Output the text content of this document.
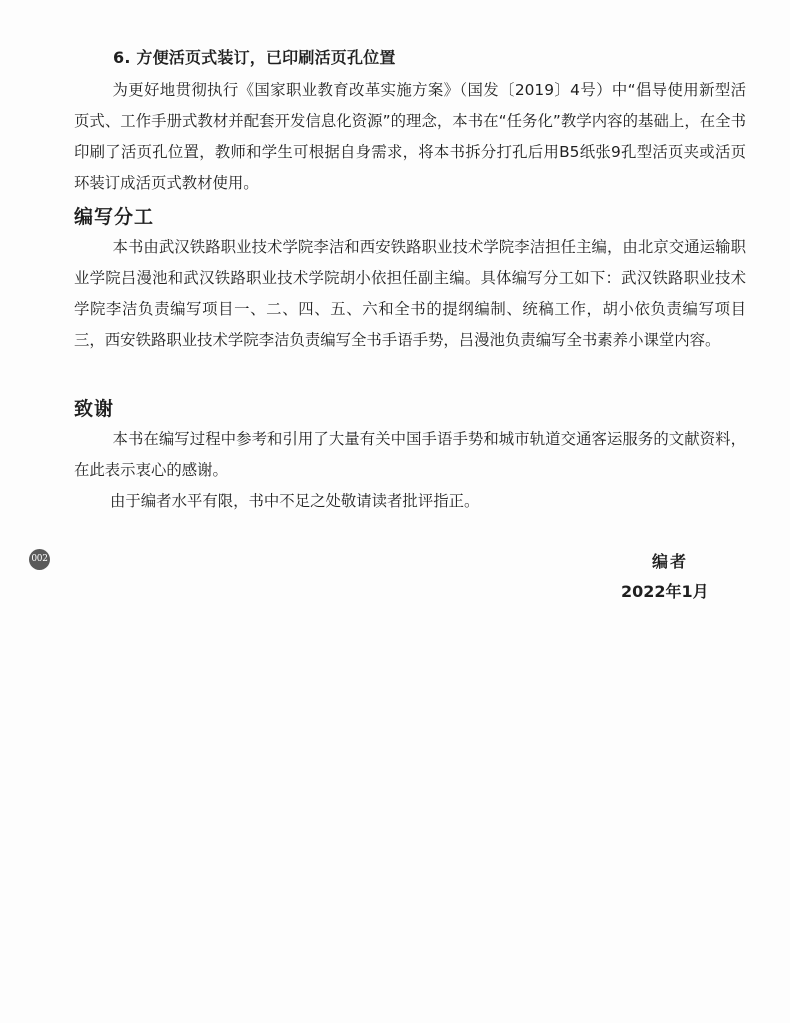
6. 方便活页式装订，已印刷活页孔位置

为更好地贯彻执行《国家职业教育改革实施方案》（国发〔2019〕4号）中“倡导使用新型活页式、工作手册式教材并配套开发信息化资源”的理念，本书在“任务化”教学内容的基础上，在全书印刷了活页孔位置，教师和学生可根据自身需求，将本书拆分打孔后用B5纸张9孔型活页夹或活页环装订成活页式教材使用。

编写分工

本书由武汉铁路职业技术学院李洁和西安铁路职业技术学院李洁担任主编，由北京交通运输职业学院吕漫池和武汉铁路职业技术学院胡小依担任副主编。具体编写分工如下：武汉铁路职业技术学院李洁负责编写项目一、二、四、五、六和全书的提纲编制、统稿工作，胡小依负责编写项目三，西安铁路职业技术学院李洁负责编写全书手语手势，吕漫池负责编写全书素养小课堂内容。

致谢

本书在编写过程中参考和引用了大量有关中国手语手势和城市轨道交通客运服务的文献资料，在此表示衷心的感谢。

由于编者水平有限，书中不足之处敬请读者批评指正。

002	编者
2022年1月
